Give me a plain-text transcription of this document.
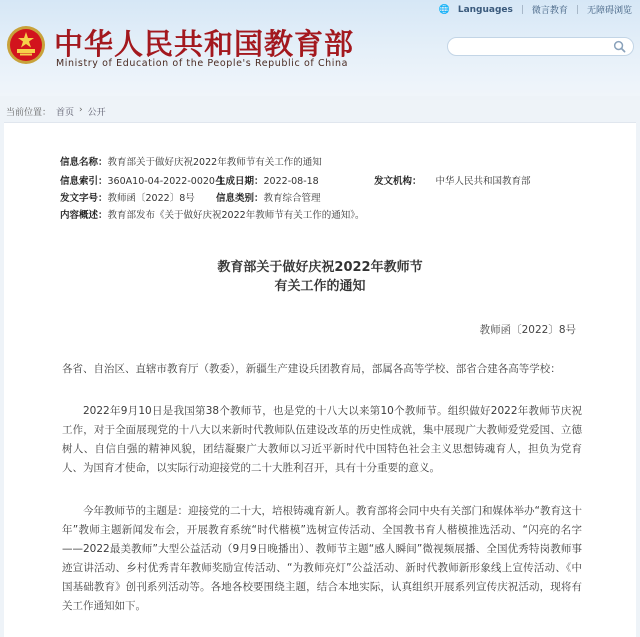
🌐 Languages | 微言教育 | 无障碍浏览
中华人民共和国教育部
Ministry of Education of the People's Republic of China
当前位置： 首页 › 公开
信息名称：教育部关于做好庆祝2022年教师节有关工作的通知
信息索引：360A10-04-2022-0020-1
生成日期：2022-08-18	发文机构： 中华人民共和国教育部
发文字号：教师函〔2022〕8号 信息类别：教育综合管理
内容概述：教育部发布《关于做好庆祝2022年教师节有关工作的通知》。
教育部关于做好庆祝2022年教师节
有关工作的通知
教师函〔2022〕8号

各省、自治区、直辖市教育厅（教委），新疆生产建设兵团教育局，部属各高等学校、部省合建各高等学校：

2022年9月10日是我国第38个教师节，也是党的十八大以来第10个教师节。组织做好2022年教师节庆祝工作，对于全面展现党的十八大以来新时代教师队伍建设改革的历史性成就，集中展现广大教师爱党爱国、立德树人、自信自强的精神风貌，团结凝聚广大教师以习近平新时代中国特色社会主义思想铸魂育人，担负为党育人、为国育才使命，以实际行动迎接党的二十大胜利召开，具有十分重要的意义。

今年教师节的主题是：迎接党的二十大，培根铸魂育新人。教育部将会同中央有关部门和媒体举办“教育这十年”教师主题新闻发布会，开展教育系统“时代楷模”选树宣传活动、全国教书育人楷模推选活动、“闪亮的名字——2022最美教师”大型公益活动（9月9日晚播出）、教师节主题“感人瞬间”微视频展播、全国优秀特岗教师事迹宣讲活动、乡村优秀青年教师奖励宣传活动、“为教师亮灯”公益活动、新时代教师新形象线上宣传活动、《中国基础教育》创刊系列活动等。各地各校要围绕主题，结合本地实际，认真组织开展系列宣传庆祝活动，现将有关工作通知如下。
